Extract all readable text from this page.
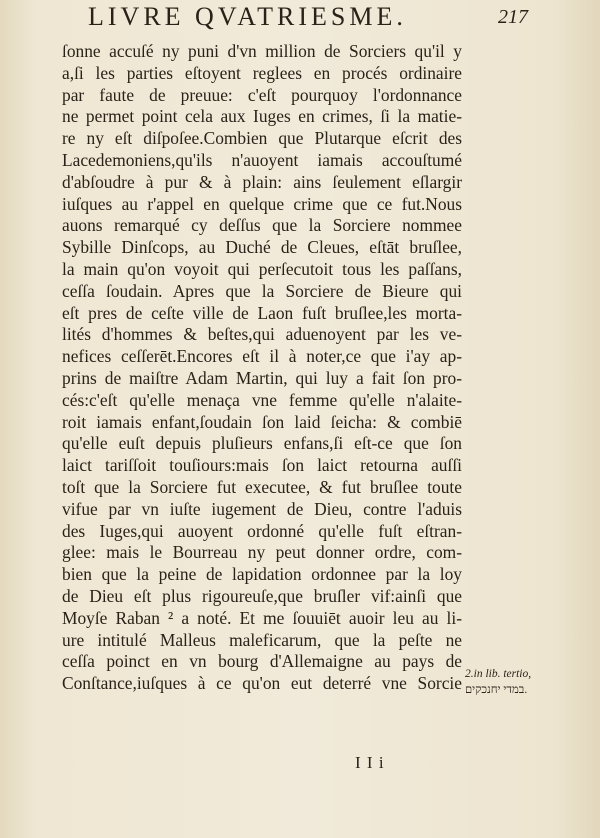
LIVRE QVATRIESME.	217
ſonne accuſé ny puni d'vn million de Sorciers qu'il y
a,ſi les parties eſtoyent reglees en procés ordinaire
par faute de preuue: c'eſt pourquoy l'ordonnance
ne permet point cela aux Iuges en crimes, ſi la matie-
re ny eſt diſpoſee.Combien que Plutarque eſcrit des
Lacedemoniens,qu'ils n'auoyent iamais accouſtumé
d'abſoudre à pur & à plain: ains ſeulement eſlargir
iuſques au r'appel en quelque crime que ce fut.Nous
auons remarqué cy deſſus que la Sorciere nommee
Sybille Dinſcops, au Duché de Cleues, eſtāt bruſlee,
la main qu'on voyoit qui perſecutoit tous les paſſans,
ceſſa ſoudain. Apres que la Sorciere de Bieure qui
eſt pres de ceſte ville de Laon fuſt bruſlee,les morta-
lités d'hommes & beſtes,qui aduenoyent par les ve-
nefices ceſſerēt.Encores eſt il à noter,ce que i'ay ap-
prins de maiſtre Adam Martin, qui luy a fait ſon pro-
cés:c'eſt qu'elle menaça vne femme qu'elle n'alaite-
roit iamais enfant,ſoudain ſon laid ſeicha: & combiē
qu'elle euſt depuis pluſieurs enfans,ſi eſt-ce que ſon
laict tariſſoit touſiours:mais ſon laict retourna auſſi
toſt que la Sorciere fut executee, & fut bruſlee toute
vifue par vn iuſte iugement de Dieu, contre l'aduis
des Iuges,qui auoyent ordonné qu'elle fuſt eſtran-
glee: mais le Bourreau ny peut donner ordre, com-
bien que la peine de lapidation ordonnee par la loy
de Dieu eſt plus rigoureuſe,que bruſler vif:ainſi que
Moyſe Raban ² a noté. Et me ſouuiēt auoir leu au li-
ure intitulé Malleus maleficarum, que la peſte ne
ceſſa poinct en vn bourg d'Allemaigne au pays de
Conſtance,iuſques à ce qu'on eut deterré vne Sorcie 2.in lib. tertio,
במדי יחנכקים.
I I i
